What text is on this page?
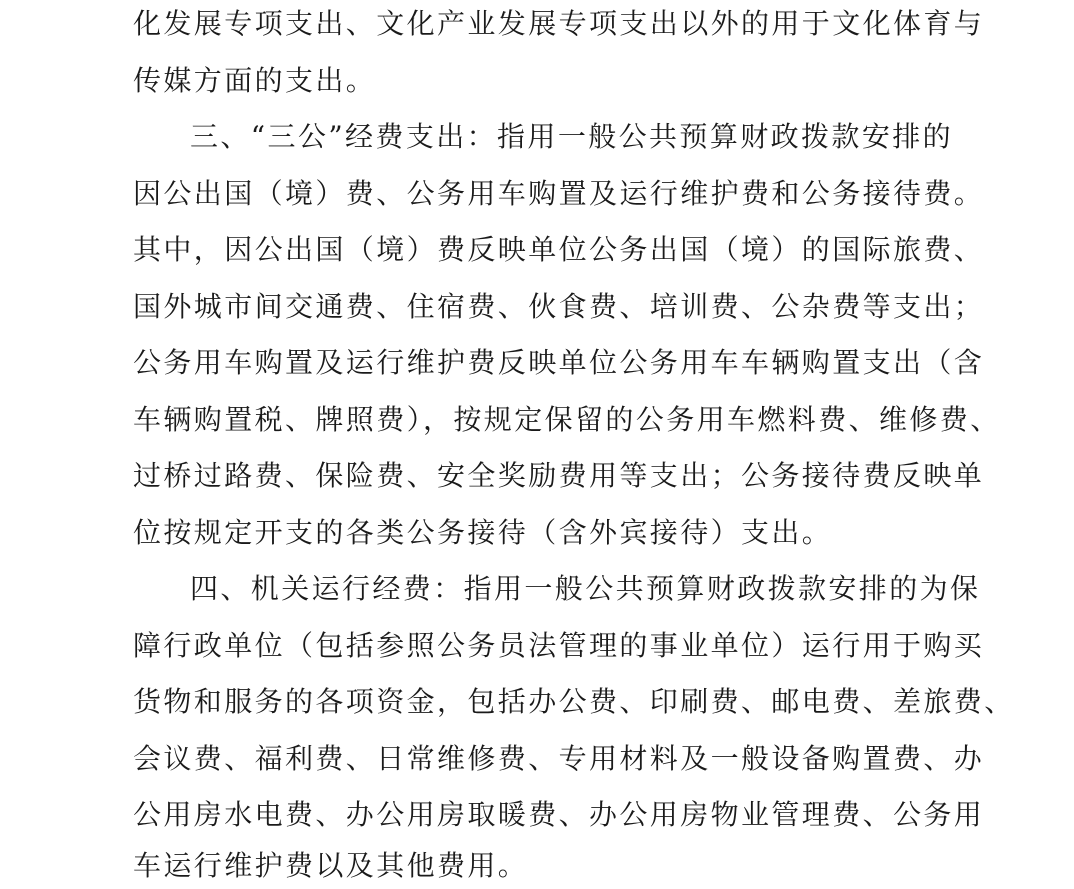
化发展专项支出、文化产业发展专项支出以外的用于文化体育与
传媒方面的支出。
三、“三公”经费支出：指用一般公共预算财政拨款安排的
因公出国（境）费、公务用车购置及运行维护费和公务接待费。
其中，因公出国（境）费反映单位公务出国（境）的国际旅费、
国外城市间交通费、住宿费、伙食费、培训费、公杂费等支出；
公务用车购置及运行维护费反映单位公务用车车辆购置支出（含
车辆购置税、牌照费），按规定保留的公务用车燃料费、维修费、
过桥过路费、保险费、安全奖励费用等支出；公务接待费反映单
位按规定开支的各类公务接待（含外宾接待）支出。
四、机关运行经费：指用一般公共预算财政拨款安排的为保
障行政单位（包括参照公务员法管理的事业单位）运行用于购买
货物和服务的各项资金，包括办公费、印刷费、邮电费、差旅费、
会议费、福利费、日常维修费、专用材料及一般设备购置费、办
公用房水电费、办公用房取暖费、办公用房物业管理费、公务用
车运行维护费以及其他费用。
